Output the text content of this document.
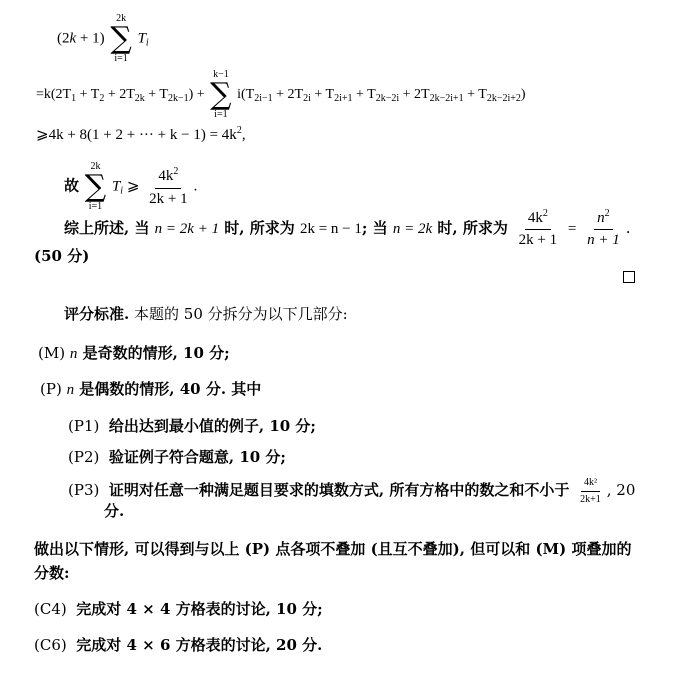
(2k + 1)
2k
∑
i=1
$T_i$
$=k(2T_1 + T_2 + 2T_{2k} + T_{2k-1})$ +
k−1
∑
i=1
$i(T_{2i-1} + 2T_{2i} + T_{2i+1} + T_{2k-2i} + 2T_{2k-2i+1} + T_{2k-2i+2})$
⩾4k + 8(1 + 2 + ··· + $k - 1) = 4k^2$,
故
2k
∑
i=1
$T_i$ ⩾ $\frac{4k^2}{2k + 1}$ .
综上所述, 当 n = 2k + 1 时, 所求为 2k = n − 1; 当 n = 2k 时, 所求为 $\frac{4k^2}{2k + 1} = \frac{n^2}{n + 1}$ .
(50 分)
评分标准. 本题的 50 分拆分为以下几部分:
(M) n 是奇数的情形, 10 分;
(P) n 是偶数的情形, 40 分. 其中
(P1) 给出达到最小值的例子, 10 分;
(P2) 验证例子符合题意, 10 分;
(P3) 证明对任意一种满足题目要求的填数方式, 所有方格中的数之和不小于 $\frac{\text{4k²}}{2k+1}$ , 20
分.
做出以下情形, 可以得到与以上 (P) 点各项不叠加 (且互不叠加), 但可以和 (M) 项叠加的
分数:
(C4) 完成对 4 × 4 方格表的讨论, 10 分;
(C6) 完成对 4 × 6 方格表的讨论, 20 分.
